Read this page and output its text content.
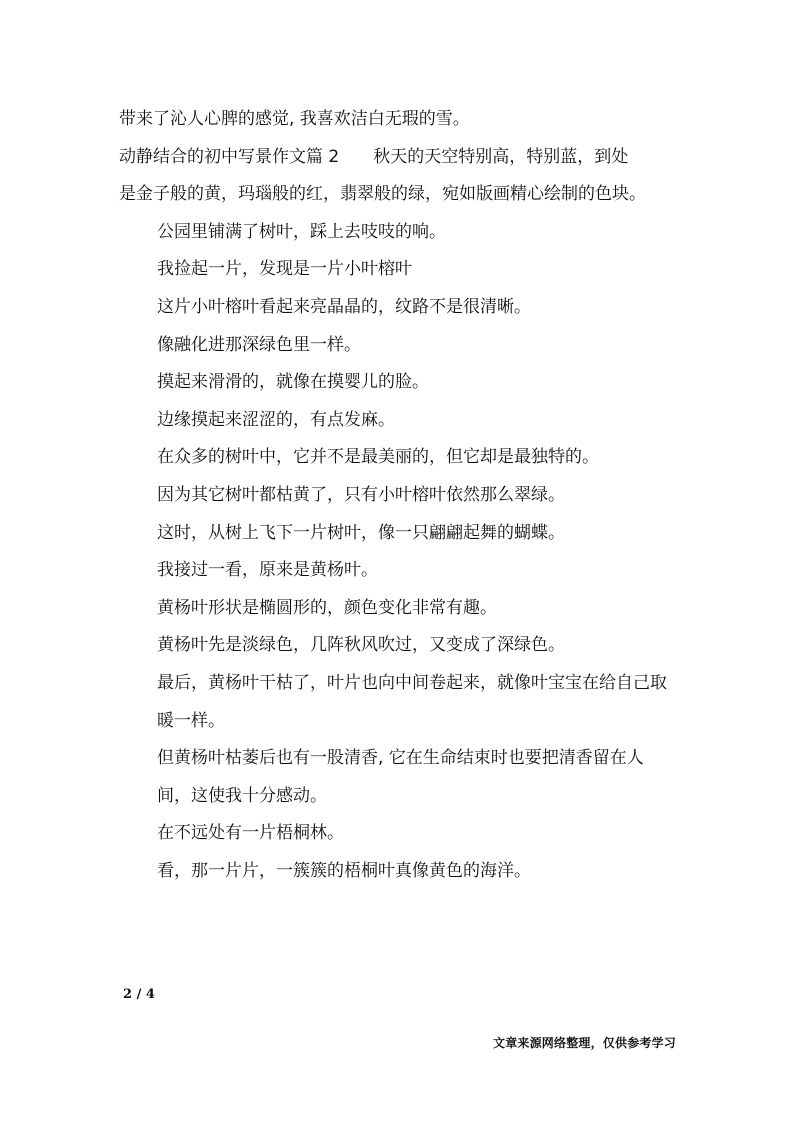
带来了沁人心脾的感觉, 我喜欢洁白无瑕的雪。

动静结合的初中写景作文篇 2　　秋天的天空特别高，特别蓝，到处

是金子般的黄，玛瑙般的红，翡翠般的绿，宛如版画精心绘制的色块。

公园里铺满了树叶，踩上去吱吱的响。

我捡起一片，发现是一片小叶榕叶

这片小叶榕叶看起来亮晶晶的，纹路不是很清晰。

像融化进那深绿色里一样。

摸起来滑滑的，就像在摸婴儿的脸。

边缘摸起来涩涩的，有点发麻。

在众多的树叶中，它并不是最美丽的，但它却是最独特的。

因为其它树叶都枯黄了，只有小叶榕叶依然那么翠绿。

这时，从树上飞下一片树叶，像一只翩翩起舞的蝴蝶。

我接过一看，原来是黄杨叶。

黄杨叶形状是椭圆形的，颜色变化非常有趣。

黄杨叶先是淡绿色，几阵秋风吹过，又变成了深绿色。

最后，黄杨叶干枯了，叶片也向中间卷起来，就像叶宝宝在给自己取暖一样。

但黄杨叶枯萎后也有一股清香, 它在生命结束时也要把清香留在人间，这使我十分感动。

在不远处有一片梧桐林。

看，那一片片，一簇簇的梧桐叶真像黄色的海洋。

2 / 4
文章来源网络整理，仅供参考学习
